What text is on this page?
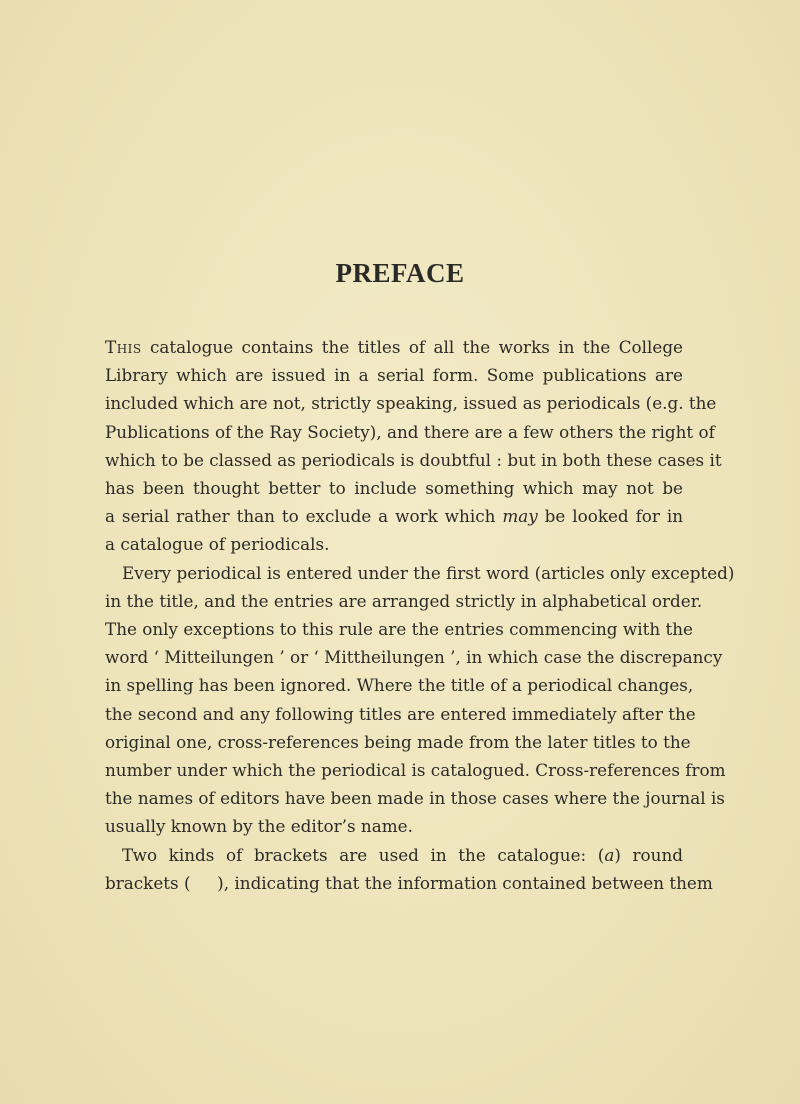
PREFACE
This catalogue contains the titles of all the works in the College
Library which are issued in a serial form. Some publications are
included which are not, strictly speaking, issued as periodicals (e.g. the
Publications of the Ray Society), and there are a few others the right of
which to be classed as periodicals is doubtful : but in both these cases it
has been thought better to include something which may not be
a serial rather than to exclude a work which may be looked for in
a catalogue of periodicals.
Every periodical is entered under the first word (articles only excepted)
in the title, and the entries are arranged strictly in alphabetical order.
The only exceptions to this rule are the entries commencing with the
word ‘ Mitteilungen ’ or ‘ Mittheilungen ’, in which case the discrepancy
in spelling has been ignored. Where the title of a periodical changes,
the second and any following titles are entered immediately after the
original one, cross-references being made from the later titles to the
number under which the periodical is catalogued. Cross-references from
the names of editors have been made in those cases where the journal is
usually known by the editor’s name.
Two kinds of brackets are used in the catalogue: (a) round
brackets (     ), indicating that the information contained between them
